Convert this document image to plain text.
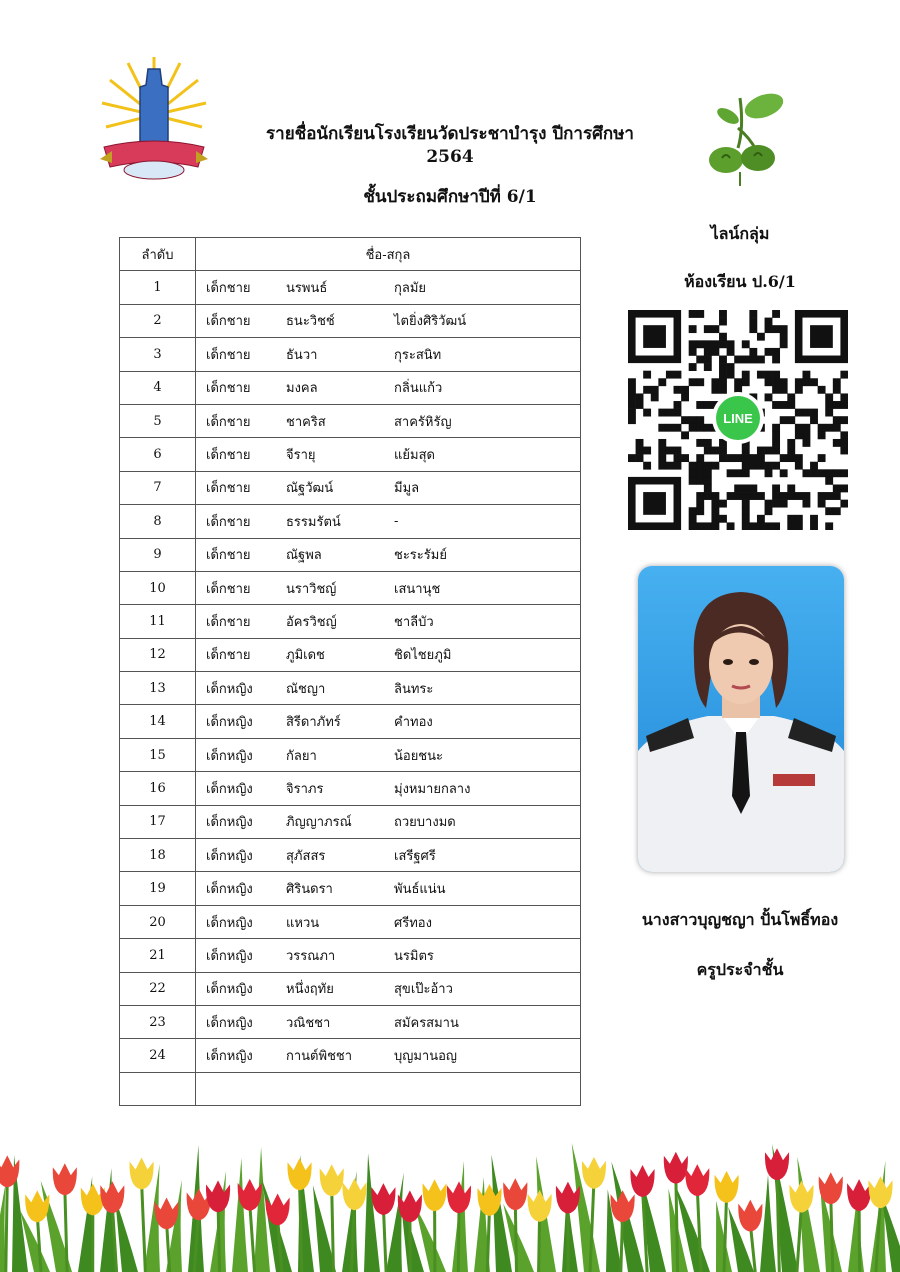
รายชื่อนักเรียนโรงเรียนวัดประชาบำรุง ปีการศึกษา 2564
ชั้นประถมศึกษาปีที่ 6/1
ไลน์กลุ่ม
ห้องเรียน ป.6/1
LINE
นางสาวบุญชญา ปั้นโพธิ์ทอง
ครูประจำชั้น
ลำดับ	ชื่อ-สกุล
1	เด็กชาย นรพนธ์ กุลมัย

2	เด็กชาย ธนะวิชช์ ไตยิ่งศิริวัฒน์

3	เด็กชาย ธันวา กุระสนิท

4	เด็กชาย มงคล กลิ่นแก้ว

5	เด็กชาย ชาคริส สาครัหิรัญ

6	เด็กชาย จีรายุ แย้มสุด

7	เด็กชาย ณัฐวัฒน์ มีมูล

8	เด็กชาย ธรรมรัตน์ -

9	เด็กชาย ณัฐพล ชะระรัมย์

10	เด็กชาย นราวิชญ์ เสนานุช

11	เด็กชาย อัครวิชญ์ ชาลีบัว

12	เด็กชาย ภูมิเดช ชิดไชยภูมิ

13	เด็กหญิง ณัชญา ลินทระ

14	เด็กหญิง สิรีดาภัทร์ คำทอง

15	เด็กหญิง กัลยา น้อยชนะ

16	เด็กหญิง จิราภร มุ่งหมายกลาง

17	เด็กหญิง ภิญญาภรณ์ ถวยบางมด

18	เด็กหญิง สุภัสสร เสรีฐศรี

19	เด็กหญิง ศิรินดรา พันธ์แน่น

20	เด็กหญิง แหวน ศรีทอง

21	เด็กหญิง วรรณภา นรมิตร

22	เด็กหญิง หนึ่งฤทัย สุขเป๊ะอ้าว

23	เด็กหญิง วณิชชา สมัครสมาน

24	เด็กหญิง กานต์พิชชา บุญมานอญ
